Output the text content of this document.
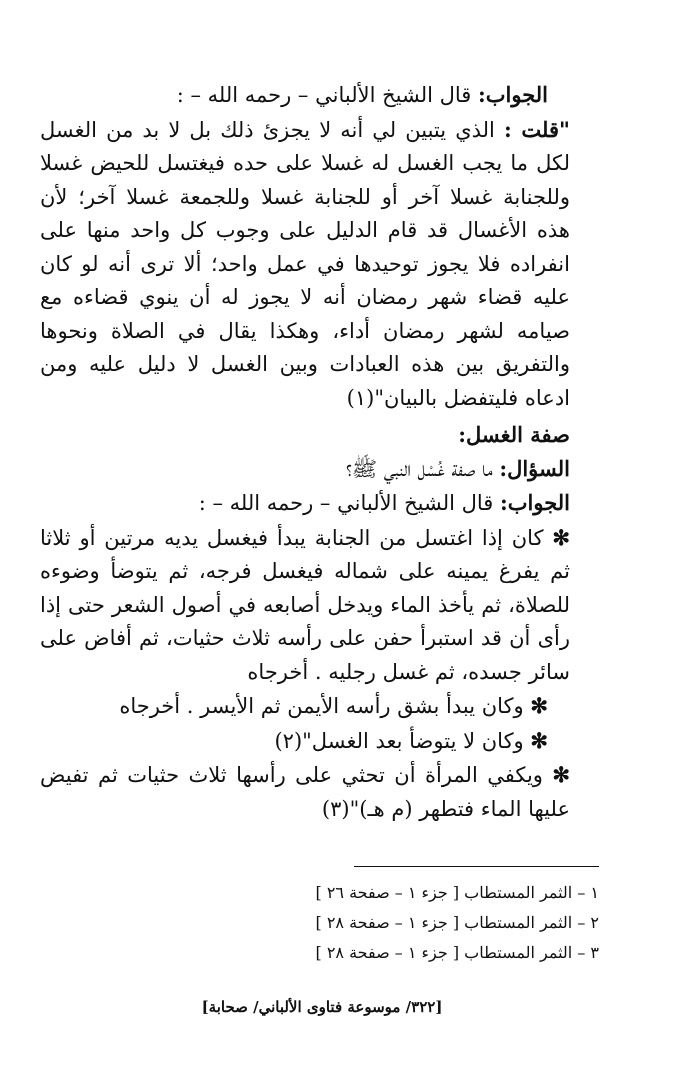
الجواب: قال الشيخ الألباني – رحمه الله – :

"قلت : الذي يتبين لي أنه لا يجزئ ذلك بل لا بد من الغسل لكل ما يجب الغسل له غسلا على حده فيغتسل للحيض غسلا وللجنابة غسلا آخر أو للجنابة غسلا وللجمعة غسلا آخر؛ لأن هذه الأغسال قد قام الدليل على وجوب كل واحد منها على انفراده فلا يجوز توحيدها في عمل واحد؛ ألا ترى أنه لو كان عليه قضاء شهر رمضان أنه لا يجوز له أن ينوي قضاءه مع صيامه لشهر رمضان أداء، وهكذا يقال في الصلاة ونحوها والتفريق بين هذه العبادات وبين الغسل لا دليل عليه ومن ادعاه فليتفضل بالبيان"(١)

صفة الغسل:

السؤال: ما صفة غُسْل النبي ﷺ؟

الجواب: قال الشيخ الألباني – رحمه الله – :

✻ كان إذا اغتسل من الجنابة يبدأ فيغسل يديه مرتين أو ثلاثا ثم يفرغ يمينه على شماله فيغسل فرجه، ثم يتوضأ وضوءه للصلاة، ثم يأخذ الماء ويدخل أصابعه في أصول الشعر حتى إذا رأى أن قد استبرأ حفن على رأسه ثلاث حثيات، ثم أفاض على سائر جسده، ثم غسل رجليه . أخرجاه

✻ وكان يبدأ بشق رأسه الأيمن ثم الأيسر . أخرجاه

✻ وكان لا يتوضأ بعد الغسل"(٢)

✻ ويكفي المرأة أن تحثي على رأسها ثلاث حثيات ثم تفيض عليها الماء فتطهر (م هـ)"(٣)

١ – الثمر المستطاب [ جزء ١ – صفحة ٢٦ ]
٢ – الثمر المستطاب [ جزء ١ – صفحة ٢٨ ]
٣ – الثمر المستطاب [ جزء ١ – صفحة ٢٨ ]
[٣٢٢/ موسوعة فتاوى الألباني/ صحابة]
